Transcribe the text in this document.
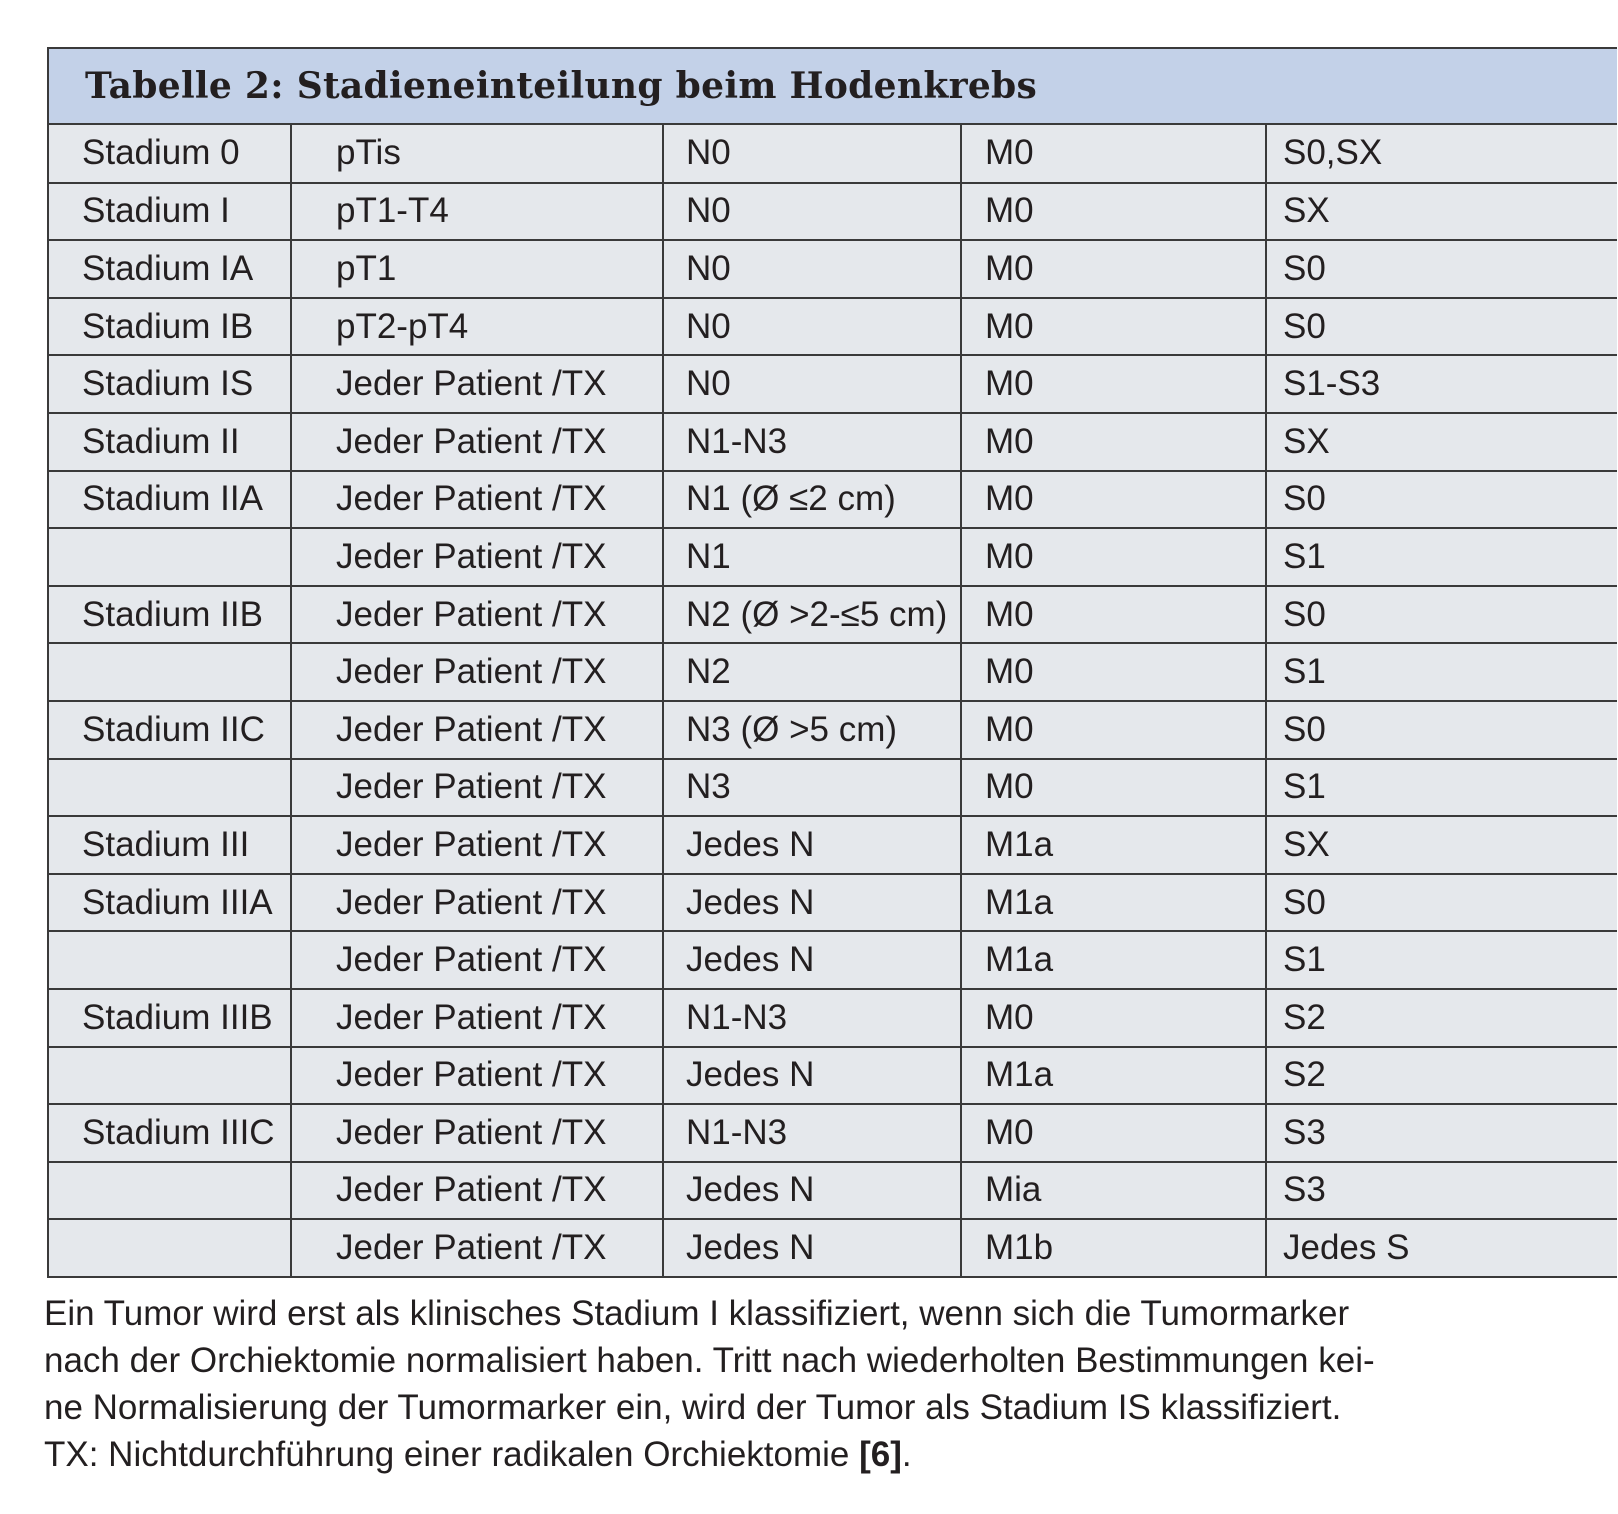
Tabelle 2: Stadieneinteilung beim Hodenkrebs
Stadium 0	pTis	N0	M0	S0,SX
Stadium I	pT1-T4	N0	M0	SX
Stadium IA	pT1	N0	M0	S0
Stadium IB	pT2-pT4	N0	M0	S0
Stadium IS	Jeder Patient /TX	N0	M0	S1-S3
Stadium II	Jeder Patient /TX	N1-N3	M0	SX
Stadium IIA	Jeder Patient /TX	N1 (Ø ≤2 cm)	M0	S0
	Jeder Patient /TX	N1	M0	S1
Stadium IIB	Jeder Patient /TX	N2 (Ø >2-≤5 cm)	M0	S0
	Jeder Patient /TX	N2	M0	S1
Stadium IIC	Jeder Patient /TX	N3 (Ø >5 cm)	M0	S0
	Jeder Patient /TX	N3	M0	S1
Stadium III	Jeder Patient /TX	Jedes N	M1a	SX
Stadium IIIA	Jeder Patient /TX	Jedes N	M1a	S0
	Jeder Patient /TX	Jedes N	M1a	S1
Stadium IIIB	Jeder Patient /TX	N1-N3	M0	S2
	Jeder Patient /TX	Jedes N	M1a	S2
Stadium IIIC	Jeder Patient /TX	N1-N3	M0	S3
	Jeder Patient /TX	Jedes N	Mia	S3
	Jeder Patient /TX	Jedes N	M1b	Jedes S
Ein Tumor wird erst als klinisches Stadium I klassifiziert, wenn sich die Tumormarker
nach der Orchiektomie normalisiert haben. Tritt nach wiederholten Bestimmungen kei-
ne Normalisierung der Tumormarker ein, wird der Tumor als Stadium IS klassifiziert.
TX: Nichtdurchführung einer radikalen Orchiektomie [6].
